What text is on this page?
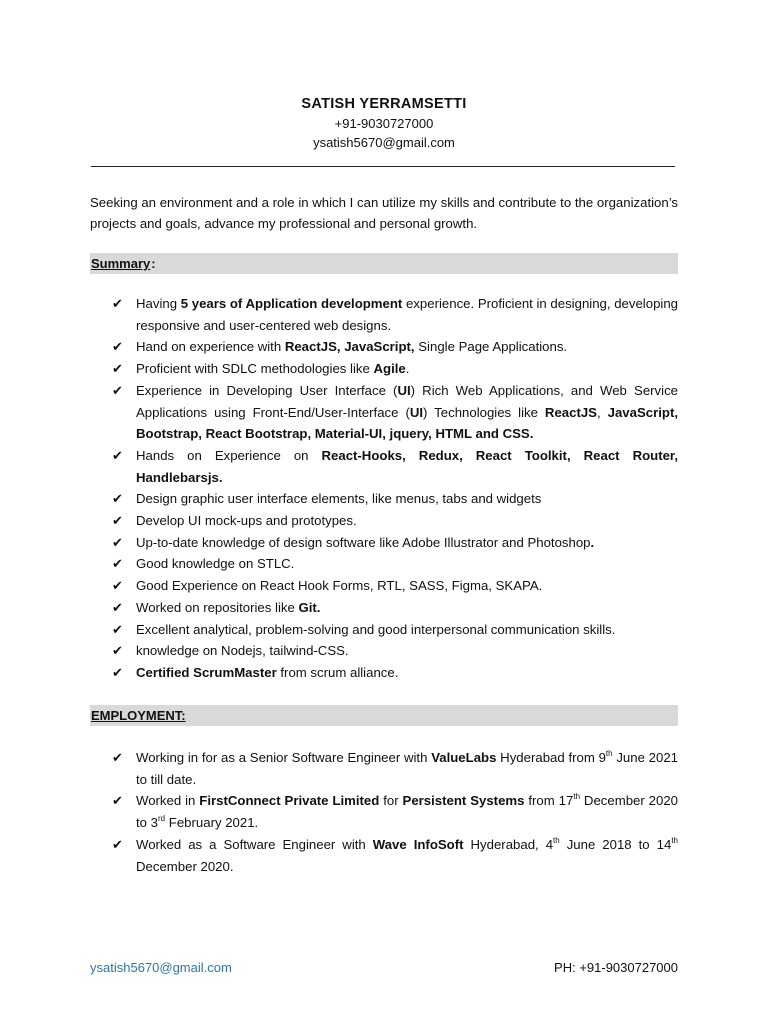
SATISH YERRAMSETTI
+91-9030727000
ysatish5670@gmail.com
Seeking an environment and a role in which I can utilize my skills and contribute to the organization’s projects and goals, advance my professional and personal growth.
Summary:
✔ Having 5 years of Application development experience. Proficient in designing, developing responsive and user-centered web designs.
✔ Hand on experience with ReactJS, JavaScript, Single Page Applications.
✔ Proficient with SDLC methodologies like Agile.
✔ Experience in Developing User Interface (UI) Rich Web Applications, and Web Service Applications using Front-End/User-Interface (UI) Technologies like ReactJS, JavaScript, Bootstrap, React Bootstrap, Material-UI, jquery, HTML and CSS.
✔ Hands on Experience on React-Hooks, Redux, React Toolkit, React Router, Handlebarsjs.
✔ Design graphic user interface elements, like menus, tabs and widgets
✔ Develop UI mock-ups and prototypes.
✔ Up-to-date knowledge of design software like Adobe Illustrator and Photoshop.
✔ Good knowledge on STLC.
✔ Good Experience on React Hook Forms, RTL, SASS, Figma, SKAPA.
✔ Worked on repositories like Git.
✔ Excellent analytical, problem-solving and good interpersonal communication skills.
✔ knowledge on Nodejs, tailwind-CSS.
✔ Certified ScrumMaster from scrum alliance.
EMPLOYMENT:
✔ Working in for as a Senior Software Engineer with ValueLabs Hyderabad from 9th June 2021 to till date.
✔ Worked in FirstConnect Private Limited for Persistent Systems from 17th December 2020 to 3rd February 2021.
✔ Worked as a Software Engineer with Wave InfoSoft Hyderabad, 4th June 2018 to 14th December 2020.
ysatish5670@gmail.com	PH: +91-9030727000
